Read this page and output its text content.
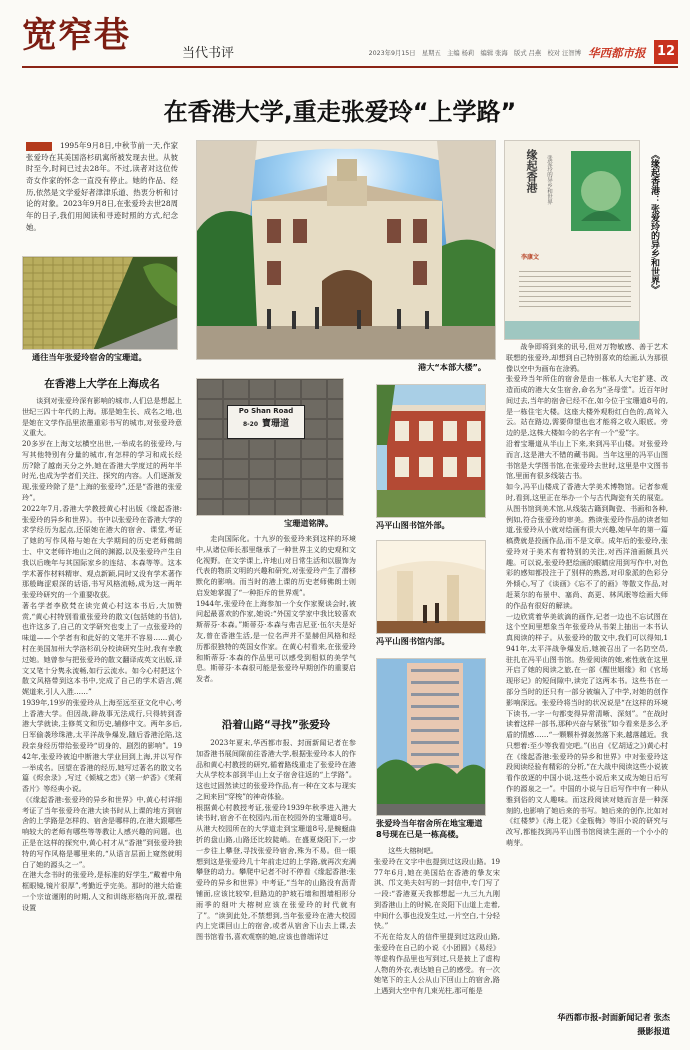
宽窄巷	当代书评	2023年9月15日　星期五　主编 杨莉　编辑 张海　版式 吕燕　校对 汪智博 华西都市报 12
在香港大学,重走张爱玲“上学路”
1995年9月8日,中秋节前一天,作家张爱玲在其美国洛杉矶寓所被发现去世。从彼时至今,时间已过去28年。不过,读者对这位传奇女作家的怀念一直没有停止。她的作品、经历,依然是文学爱好者津津乐道、热衷分析和讨论的对象。2023年9月8日,在张爱玲去世28周年的日子,我们用阅读和寻迹时照的方式,纪念她。
通往当年张爱玲宿舍的宝珊道。
港大“本部大楼”。
缘起香港	张爱玲的异乡和世界
李康文	《缘起香港：张爱玲的异乡和世界》
在香港上大学在上海成名
谈到对张爱玲深有影响的城市,人们总是想起上世纪三四十年代的上海。那是她生长、成名之地,也是她在文学作品里浓墨重彩书写的城市,对张爱玲意义重大。
20多岁在上海文坛横空出世,一举成名的张爱玲,与写其他特别有分量的城市,有怎样的学习和成长经历?除了越南天分之外,她在香港大学度过的两年半时光,也成为学者们关注、探究的内容。人们逐渐发现,张爱玲除了是“上海的张爱玲”,还是“香港的张爱玲”。
2022年7月,香港大学教授黄心村出版《缘起香港:张爱玲的异乡和世界》。书中以张爱玲在香港大学的求学经历为起点,还原她在港大的宿舍、课堂,考证了她的写作风格与她在大学期间的历史老师佛朗士、中文老师许地山之间的渊源,以及张爱玲产生自我以后晚年与其国际家乡的连结、本森等等。这本学术著作材料精审、观点新颖,同时又没有学术著作那般晦涩艰深的话语,书写风格流畅,成为这一两年张爱玲研究的一个重要收获。
著名学者李欧梵在读完黄心村这本书后,大加赞赏,“黄心村特别看重张爱玲的散文(包括她的书信),也许这多了,自己的文学研究也变上了一点张爱玲的味道——个学者有和此好的文笔并不容易……黄心村在美国加州大学洛杉矶分校读研究生时,我有幸教过她。她曾参与把张爱玲的散文翻译成英文出版,译文又笔十分隽永流畅,如行云流水。如今心村把这个散文风格带到这本书中,完成了自己的学术语言,娓娓道来,引人入胜……”
1939年,19岁的张爱玲从上海至远至亚文化中心,考上香港大学。但因战,辟战事无法成行,只得转到香港大学就读,主修英文和历史,辅修中文。两年多后,日军偷袭珍珠港,太平洋战争爆发,随后香港沦陷,这段亲身经历带给张爱玲“切身的、剧烈的影响”。1942年,张爱玲被迫中断港大学业回到上海,并以写作一举成名。回望在香港的经历,她写过著名的散文名篇《烬余录》,写过《倾城之恋》《第一炉香》《茉莉香片》等经典小说。
《《缘起香港:张爱玲的异乡和世界》中,黄心村详细考证了当年张爱玲在港大读书时从上课的地方到宿舍的上学路是怎样的、宿舍是哪样的,在港大跟哪些响较大的老师有哪些等等教让人感兴趣的问题。也正是在这样的探究中,黄心村才从“香港”到张爱玲独特的写作风格是哪里来的,“从语言层面上窥然就明白了她的源头之一”。
在港大念书时的张爱玲,是标准的好学生,“戴着中角框眼镜,镜片很厚”,考勤近乎完美。那时的港大给谁一个宗谊谨刚的时期,人文和训练形格向开放,课程设置
Po Shan Road
8-20 寶珊道
宝珊道铭牌。
走向国际化。十九岁的张爱玲来到这样的环境中,从诸位师长那里继承了一种世界主义的史观和文化视野。在文学课上,许地山对日常生活和以服饰为代表的物质文明的兴趣和研究,对张爱玲产生了潜移默化的影响。而当时的港上课的历史老师佛朗士则启发她掌握了“一种拒斥的世界观”。
1944年,张爱玲在上海参加一个女作家聚谈会时,被问起最喜欢的作家,她说:“外国文学家中我比较喜欢斯蒂芬·本森。”斯蒂芬·本森与弗吉尼亚·伍尔夫是好友,曾在香港生活,是一位名声并不显赫但风格和经历都很独特的英国女作家。在黄心村看来,在张爱玲和斯蒂芬·本森的作品里可以感受到相似的美学气息。斯蒂芬·本森很可能是张爱玲早期创作的重要启发者。
沿着山路“寻找”张爱玲
2023年夏末,华西都市报、封面新闻记者在参加香港书展间隙前往香港大学,根据张爱玲本人的作品和黄心村教授的研究,循着路线重走了张爱玲在港大从学校本部到半山上女子宿舍往返的“上学路”。这也过固然读过的张爱玲作品,有一种在文本与现实之间来回“穿梭”的神奇体验。
根据黄心村教授考证,张爱玲1939年秋季进入港大读书时,宿舍不在校园内,而在校园外的宝珊道8号。从港大校园所在的大学道走到宝珊道8号,是蜿蜒曲折的盘山路,山路还比较陡峭。在盛夏烧阳下,一步一步往上攀登,寻找张爱玲宿舍,殊为不易。但一眼想到这是张爱玲几十年前走过的上学路,就再次充满攀登的动力。攀爬中记者不时不停看《缘起香港:张爱玲的异乡和世界》中考证,“当年的山路没有沥青铺面,应该比较窄,但路边的护坡石墙和围墙相形分雨季的细叶大榕树应该在张爱玲的时代就有了”。“读到此处,不禁想到,当年张爱玲在港大校园内上完课回山上的宿舍,或者从宿舍下山去上课,去图书馆看书,喜欢观察的她,应该也曾端详过
冯平山图书馆外部。
冯平山图书馆内部。
张爱玲当年宿舍所在地宝珊道8号现在已是一栋高楼。
这些大榕树吧。
张爱玲在文字中也提到过这段山路。1977年6月,她在美国给在香港的挚友宋淇、邝文美夫妇写的一封信中,专门写了一段:“香港夏天我都想起一九三九九刚到香港山上的时候,在炎阳下山道上走着,中间什么事也没发生过,一片空白,十分轻快。”
不光在给友人的信件里提到过这段山路,张爱玲在自己的小说《小团圆》《易经》等虚构作品里也写到过,只是披上了虚构人物的外衣,表达她自己的感受。有一次她笔下的主人公从山下回山上的宿舍,路上遇到大空中有几束光柱,那可能是
战争即将到来的讯号,但对万物敏感、善于艺术联想的张爱玲,却想到自己特别喜欢的绘画,认为那很像以空中为画布在涂鸦。
张爱玲当年所住的宿舍是由一栋私人大宅扩建、改造而成的港大女生宿舍,命名为“圣母堂”。近百年时间过去,当年的宿舍已经不在,如今位于宝珊道8号的,是一栋住宅大楼。这座大楼外观粉红白色的,高耸入云。站在路边,需要仰望也也才能将之收入眼底。旁边的是,这株大楼如今的名字有一个“爱”字。
沿着宝珊道从半山上下来,来到冯平山楼。对张爱玲而言,这是港大不错的藏书阁。当年这里的冯平山图书馆是大学图书馆,在张爱玲去世时,这里是中文图书馆,里面有很多线装古书。
如今,冯平山楼成了香港大学美术博物馆。记者参观时,看到,这里正在举办一个与古代陶瓷有关的展览。从图书馆到美术馆,从线装古籍到陶瓷、书画和各种,例如,符合张爱玲的审美。熟读张爱玲作品的读者知道,张爱玲从小就对绘画有很大兴趣,她早年的第一篇稿费就是投画作品,而不是文章。成年后的张爱玲,张爱玲对于美术有着特别的关注,对西洋油画颇具兴趣。可以说,张爱玲把绘画的眼睛应用到写作中,对色彩的感知都投注于了别样的熟悉,对印象派的色彩分外倾心,写了《谈画》《忘不了的画》等散文作品,对赶莱尔的布景中、塞尚、高更、林风眠等绘画大师的作品有很好的解读。
一边欣赏着华美欲滴的画作,记者一边也不忘试图在这个空间里想象当年张爱玲从书架上抽出一本书认真阅读的样子。从张爱玲的散文中,我们可以得知,1941年,太平洋战争爆发后,她被召出了一名防空员,驻扎在冯平山图书馆。热爱阅读的她,索性就在这里开启了她的阅读之旅,在一部《醒世姻缘》和《官场现形记》的短间隙中,读完了这两本书。这些书在一部分当时的还只有一部分被编入了中学,对她的创作影响深远。张爱玲将当时的状况说是“在这样的环境下读书,一字一句都变得异常清晰、深刻”。“在战时读着这样一部书,那种兴奋与紧张”如今看来是多么矛盾的情感……“一颗颗朴弹轰然落下来,越落越近。我只想着:至少等我看完吧。”(出自《忆胡适之》)黄心村在《缘起香港:张爱玲的异乡和世界》中对张爱玲这段阅读经验有精彩的分析,“在大战中阅读这些小说被看作放逐的中国小说,这些小说后来又成为她日后写作的源泉之一”。中国的小说与日后写作中有一种从雅到俗的文人趣味。而这段阅读对她而言是一种深刻的,也影响了她后来的书写。她后来的创作,比如对《红楼梦》《海上花》《金瓶梅》等旧小说的研究与改写,都能找到冯平山图书馆阅读生涯的一个小小的萌芽。
华西都市报-封面新闻记者 张杰
摄影报道
